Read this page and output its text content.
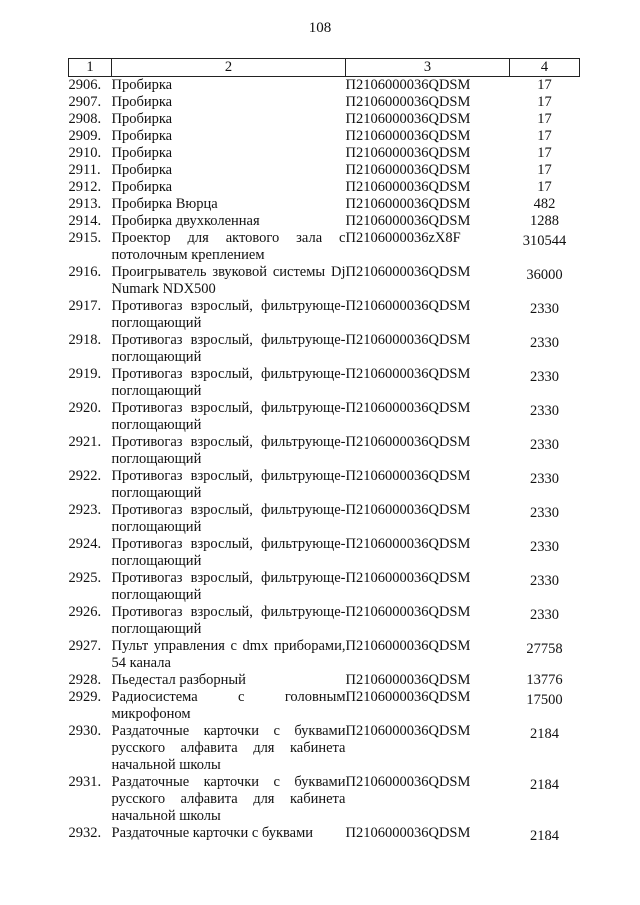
108
1	2	3	4
2906.	Пробирка	П2106000036QDSM	17
2907.	Пробирка	П2106000036QDSM	17
2908.	Пробирка	П2106000036QDSM	17
2909.	Пробирка	П2106000036QDSM	17
2910.	Пробирка	П2106000036QDSM	17
2911.	Пробирка	П2106000036QDSM	17
2912.	Пробирка	П2106000036QDSM	17
2913.	Пробирка Вюрца	П2106000036QDSM	482
2914.	Пробирка двухколенная	П2106000036QDSM	1288
2915.	Проектор для актового зала с потолочным креплением	П2106000036zX8F	310544
2916.	Проигрыватель звуковой системы Dj Numark NDX500	П2106000036QDSM	36000
2917.	Противогаз взрослый, фильтрующе-поглощающий	П2106000036QDSM	2330
2918.	Противогаз взрослый, фильтрующе-поглощающий	П2106000036QDSM	2330
2919.	Противогаз взрослый, фильтрующе-поглощающий	П2106000036QDSM	2330
2920.	Противогаз взрослый, фильтрующе-поглощающий	П2106000036QDSM	2330
2921.	Противогаз взрослый, фильтрующе-поглощающий	П2106000036QDSM	2330
2922.	Противогаз взрослый, фильтрующе-поглощающий	П2106000036QDSM	2330
2923.	Противогаз взрослый, фильтрующе-поглощающий	П2106000036QDSM	2330
2924.	Противогаз взрослый, фильтрующе-поглощающий	П2106000036QDSM	2330
2925.	Противогаз взрослый, фильтрующе-поглощающий	П2106000036QDSM	2330
2926.	Противогаз взрослый, фильтрующе-поглощающий	П2106000036QDSM	2330
2927.	Пульт управления с dmx приборами, 54 канала	П2106000036QDSM	27758
2928.	Пьедестал разборный	П2106000036QDSM	13776
2929.	Радиосистема с головным микрофоном	П2106000036QDSM	17500
2930.	Раздаточные карточки с буквами русского алфавита для кабинета начальной школы	П2106000036QDSM	2184
2931.	Раздаточные карточки с буквами русского алфавита для кабинета начальной школы	П2106000036QDSM	2184
2932.	Раздаточные карточки с буквами	П2106000036QDSM	2184
